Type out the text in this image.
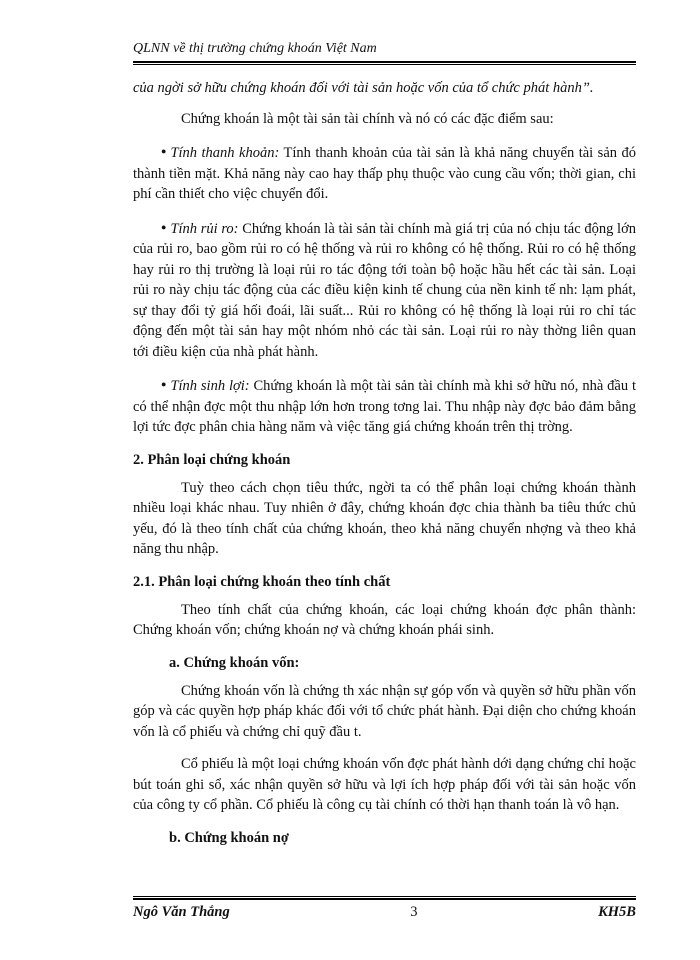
QLNN về thị trường chứng khoán Việt Nam

của ngời sở hữu chứng khoán đối với tài sản hoặc vốn của tổ chức phát hành”.

Chứng khoán là một tài sản tài chính và nó có các đặc điểm sau:

● Tính thanh khoản: Tính thanh khoản của tài sản là khả năng chuyển tài sản đó thành tiền mặt. Khả năng này cao hay thấp phụ thuộc vào cung cầu vốn; thời gian, chi phí cần thiết cho việc chuyển đổi.

● Tính rủi ro: Chứng khoán là tài sản tài chính mà giá trị của nó chịu tác động lớn của rủi ro, bao gồm rủi ro có hệ thống và rủi ro không có hệ thống. Rủi ro có hệ thống hay rủi ro thị trường là loại rủi ro tác động tới toàn bộ hoặc hầu hết các tài sản. Loại rủi ro này chịu tác động của các điều kiện kinh tế chung của nền kinh tế nh: lạm phát, sự thay đổi tỷ giá hối đoái, lãi suất... Rủi ro không có hệ thống là loại rủi ro chỉ tác động đến một tài sản hay một nhóm nhỏ các tài sản. Loại rủi ro này thờng liên quan tới điều kiện của nhà phát hành.

● Tính sinh lợi: Chứng khoán là một tài sản tài chính mà khi sở hữu nó, nhà đầu t có thể nhận đợc một thu nhập lớn hơn trong tơng lai. Thu nhập này đợc bảo đảm bằng lợi tức đợc phân chia hàng năm và việc tăng giá chứng khoán trên thị trờng.

2. Phân loại chứng khoán

Tuỳ theo cách chọn tiêu thức, ngời ta có thể phân loại chứng khoán thành nhiều loại khác nhau. Tuy nhiên ở đây, chứng khoán đợc chia thành ba tiêu thức chủ yếu, đó là theo tính chất của chứng khoán, theo khả năng chuyển nhợng và theo khả năng thu nhập.

2.1. Phân loại chứng khoán theo tính chất

Theo tính chất của chứng khoán, các loại chứng khoán đợc phân thành: Chứng khoán vốn; chứng khoán nợ và chứng khoán phái sinh.

a. Chứng khoán vốn:

Chứng khoán vốn là chứng th xác nhận sự góp vốn và quyền sở hữu phần vốn góp và các quyền hợp pháp khác đối với tổ chức phát hành. Đại diện cho chứng khoán vốn là cổ phiếu và chứng chỉ quỹ đầu t.

Cổ phiếu là một loại chứng khoán vốn đợc phát hành dới dạng chứng chỉ hoặc bút toán ghi sổ, xác nhận quyền sở hữu và lợi ích hợp pháp đối với tài sản hoặc vốn của công ty cổ phần. Cổ phiếu là công cụ tài chính có thời hạn thanh toán là vô hạn.

b. Chứng khoán nợ

Ngô Văn Thắng	3	KH5B
